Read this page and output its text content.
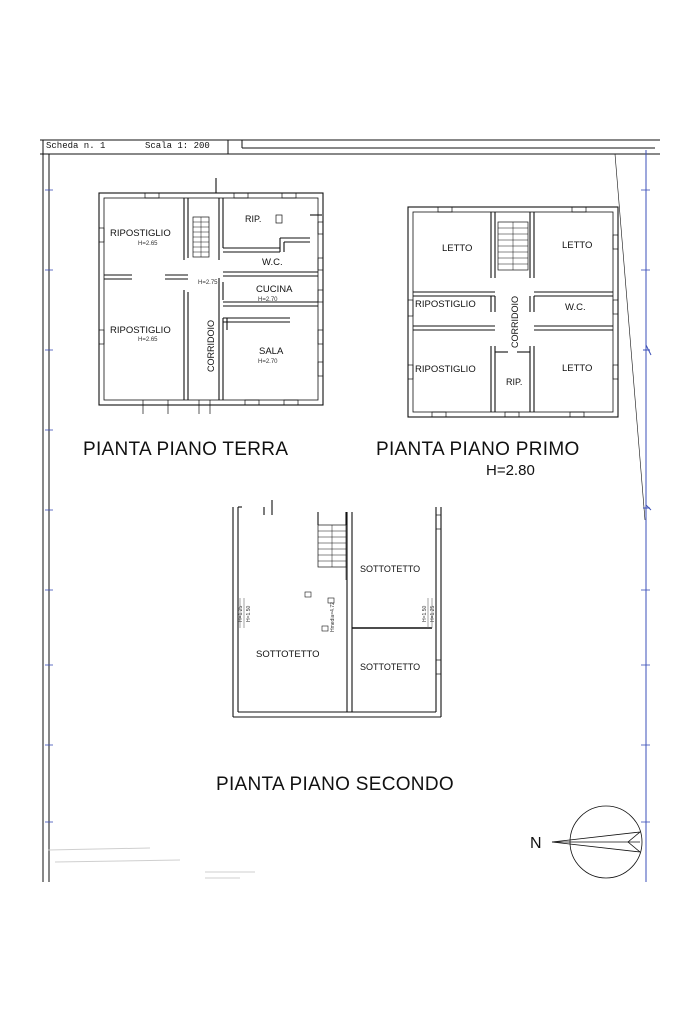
RIPOSTIGLIO
H=2.65
RIPOSTIGLIO
H=2.65
RIP.
W.C.
H=2.75
CUCINA
H=2.70
CORRIDOIO	SALA
H=2.70
LETTO	LETTO
RIPOSTIGLIO	W.C.
CORRIDOIO
RIPOSTIGLIO
RIP.
LETTO
SOTTOTETTO
SOTTOTETTO
SOTTOTETTO
H=1.25 H=1.50	Hmedia=4.72	H=1.50 H=1.25
N
Scheda n. 1	Scala 1: 200
PIANTA PIANO TERRA	PIANTA PIANO PRIMO
H=2.80
PIANTA PIANO SECONDO
